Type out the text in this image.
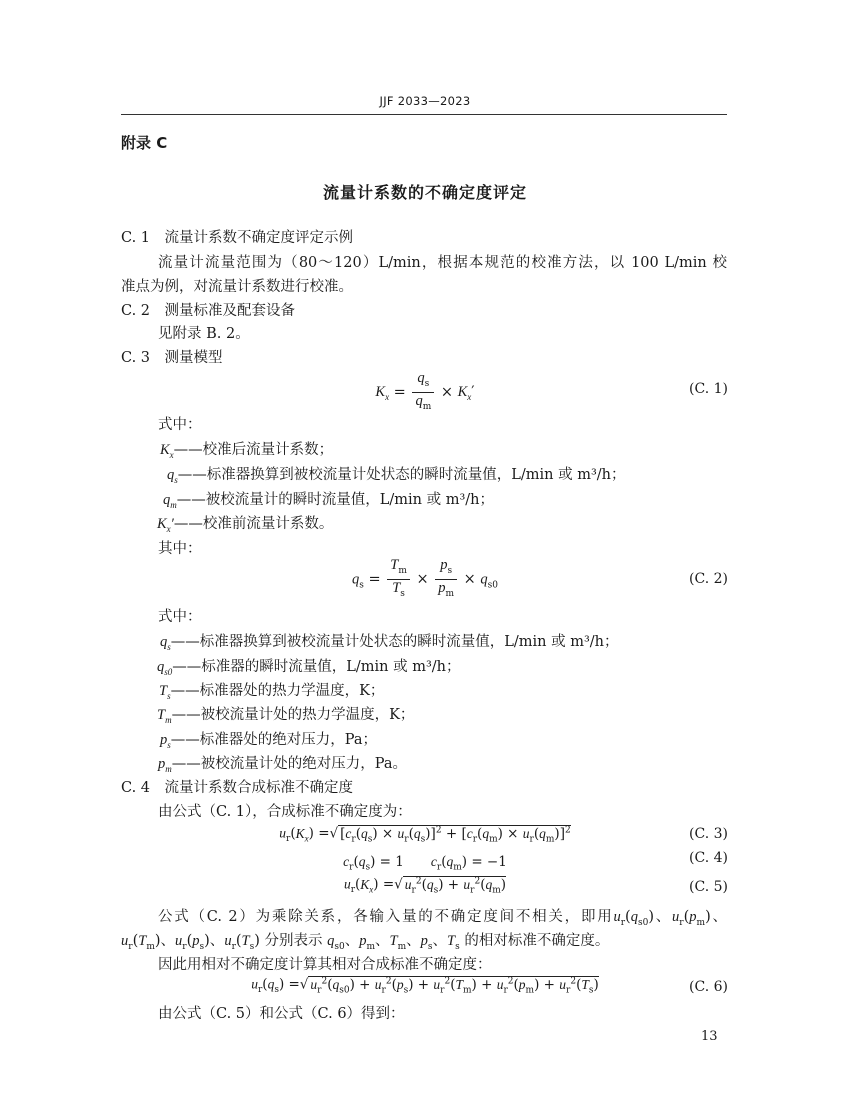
JJF 2033—2023
附录 C
流量计系数的不确定度评定
C. 1　流量计系数不确定度评定示例
流量计流量范围为（80～120）L/min，根据本规范的校准方法，以 100 L/min 校
准点为例，对流量计系数进行校准。
C. 2　测量标准及配套设备
见附录 B. 2。
C. 3　测量模型
$K_x = \frac{q_s}{q_m} \times K_x'$	(C. 1)
式中：
$K_x——$校准后流量计系数；
$q_s——$标准器换算到被校流量计处状态的瞬时流量值，L/min 或 m³/h；
$q_m——$被校流量计的瞬时流量值，L/min 或 m³/h；
$K_x'——$校准前流量计系数。
其中：
$q_s = \frac{T_m}{T_s} \times \frac{p_s}{p_m} \times q_{s0}$	(C. 2)
式中：
$q_s——$标准器换算到被校流量计处状态的瞬时流量值，L/min 或 m³/h；
$q_{s0}——$标准器的瞬时流量值，L/min 或 m³/h；
$T_s——$标准器处的热力学温度，K；
$T_m——$被校流量计处的热力学温度，K；
$p_s——$标准器处的绝对压力，Pa；
$p_m——$被校流量计处的绝对压力，Pa。
C. 4　流量计系数合成标准不确定度
由公式（C. 1），合成标准不确定度为：
$u_r(K_x)$ =√ $[c_r(q_s) \times u_r(q_s)]^2 + [c_r(q_m) \times u_r(q_m)]^2$	(C. 3)
$c_r(q_s) = 1$　　$c_r(q_m) = -1$	(C. 4)
$u_r(K_x)$ =√ $u_r^2(q_s) + u_r^2(q_m)$	(C. 5)
公式（C. 2）为乘除关系，各输入量的不确定度间不相关，即用$u_r(q_{s0})$、$u_r(p_m)$、
$u_r(T_m)$、$u_r(p_s)$、$u_r(T_s)$ 分别表示 $q_{s0}$、$p_m$、$T_m$、$p_s$、$T_s$ 的相对标准不确定度。
因此用相对不确定度计算其相对合成标准不确定度：
$u_r(q_s)$ =√ $u_r^2(q_{s0}) + u_r^2(p_s) + u_r^2(T_m) + u_r^2(p_m) + u_r^2(T_s)$	(C. 6)
由公式（C. 5）和公式（C. 6）得到：
13
